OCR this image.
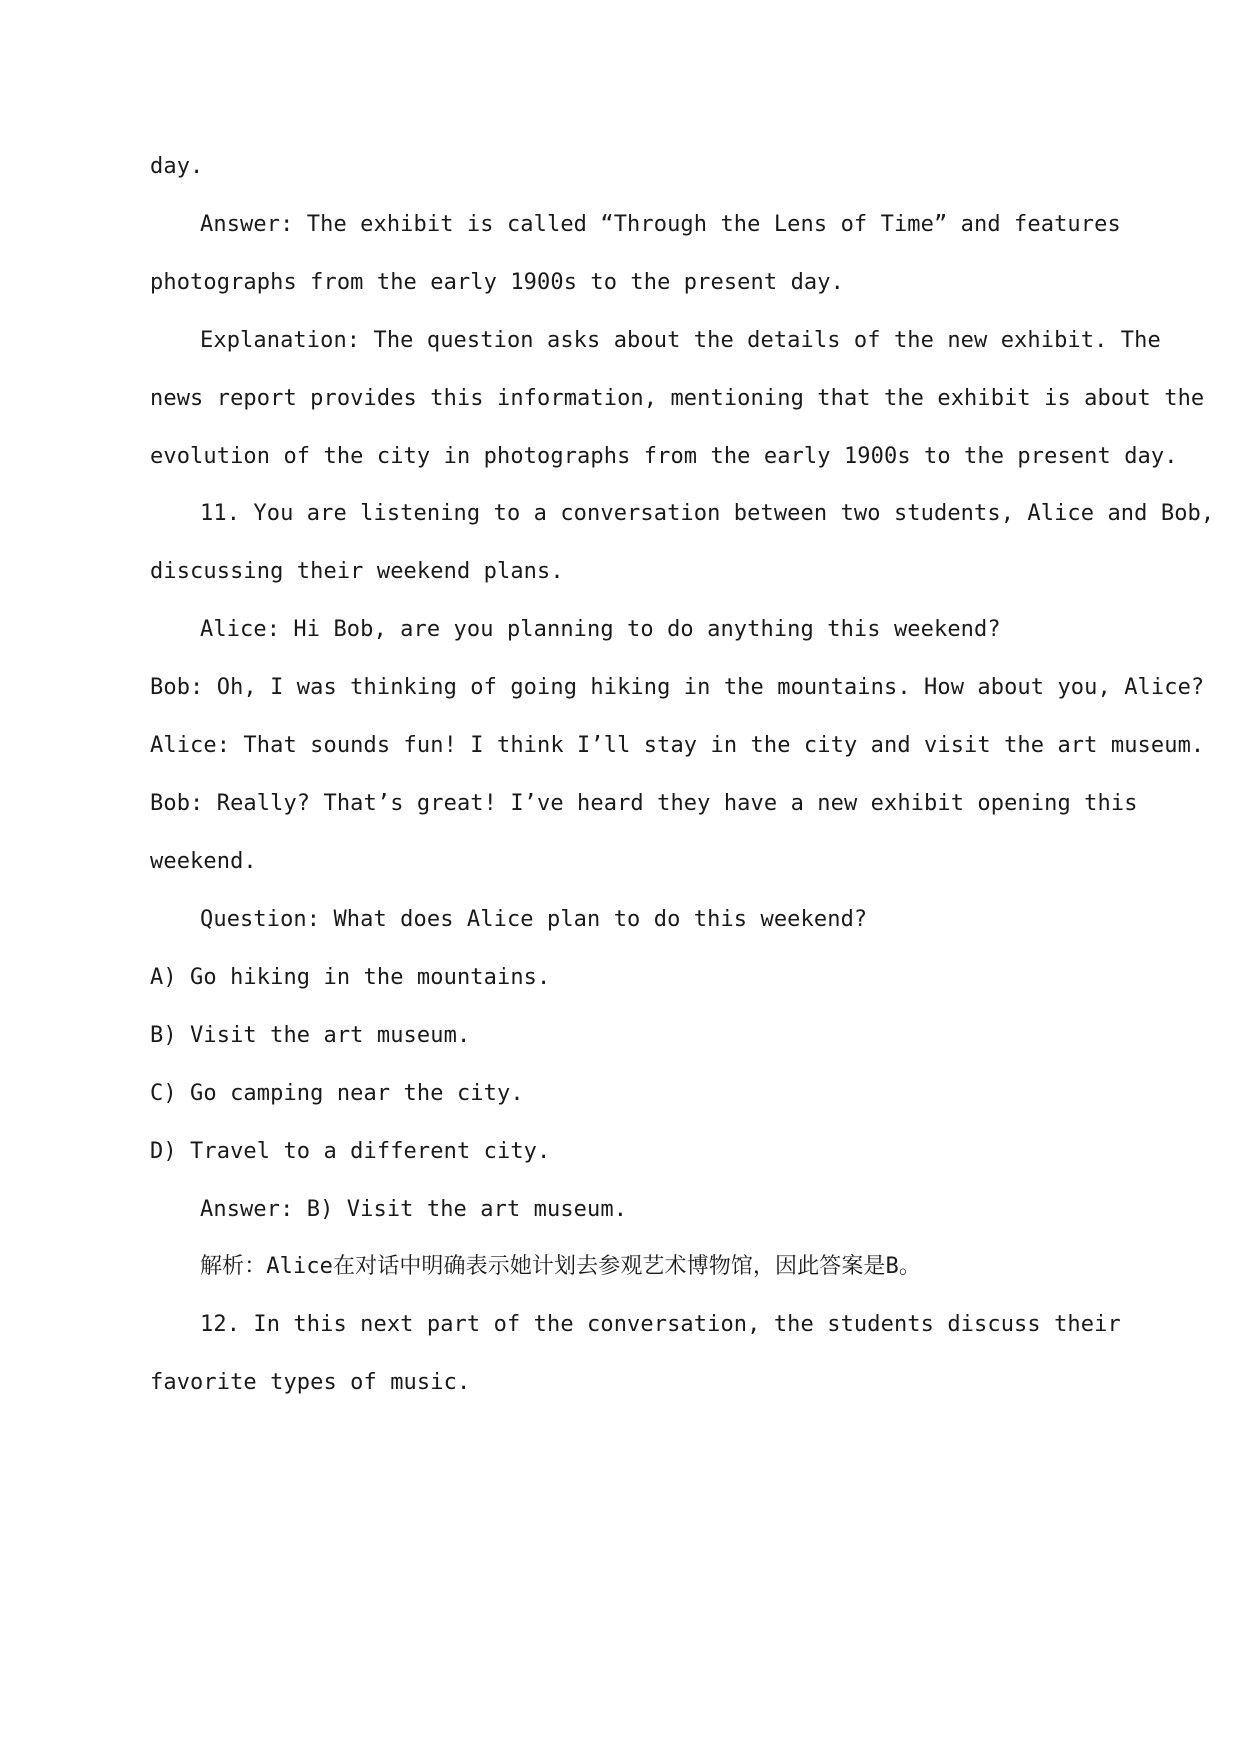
day.
Answer: The exhibit is called “Through the Lens of Time” and features
photographs from the early 1900s to the present day.
Explanation: The question asks about the details of the new exhibit. The
news report provides this information, mentioning that the exhibit is about the
evolution of the city in photographs from the early 1900s to the present day.
11. You are listening to a conversation between two students, Alice and Bob,
discussing their weekend plans.
Alice: Hi Bob, are you planning to do anything this weekend?
Bob: Oh, I was thinking of going hiking in the mountains. How about you, Alice?
Alice: That sounds fun! I think I’ll stay in the city and visit the art museum.
Bob: Really? That’s great! I’ve heard they have a new exhibit opening this
weekend.
Question: What does Alice plan to do this weekend?
A) Go hiking in the mountains.
B) Visit the art museum.
C) Go camping near the city.
D) Travel to a different city.
Answer: B) Visit the art museum.
解析：Alice在对话中明确表示她计划去参观艺术博物馆，因此答案是B。
12. In this next part of the conversation, the students discuss their
favorite types of music.
